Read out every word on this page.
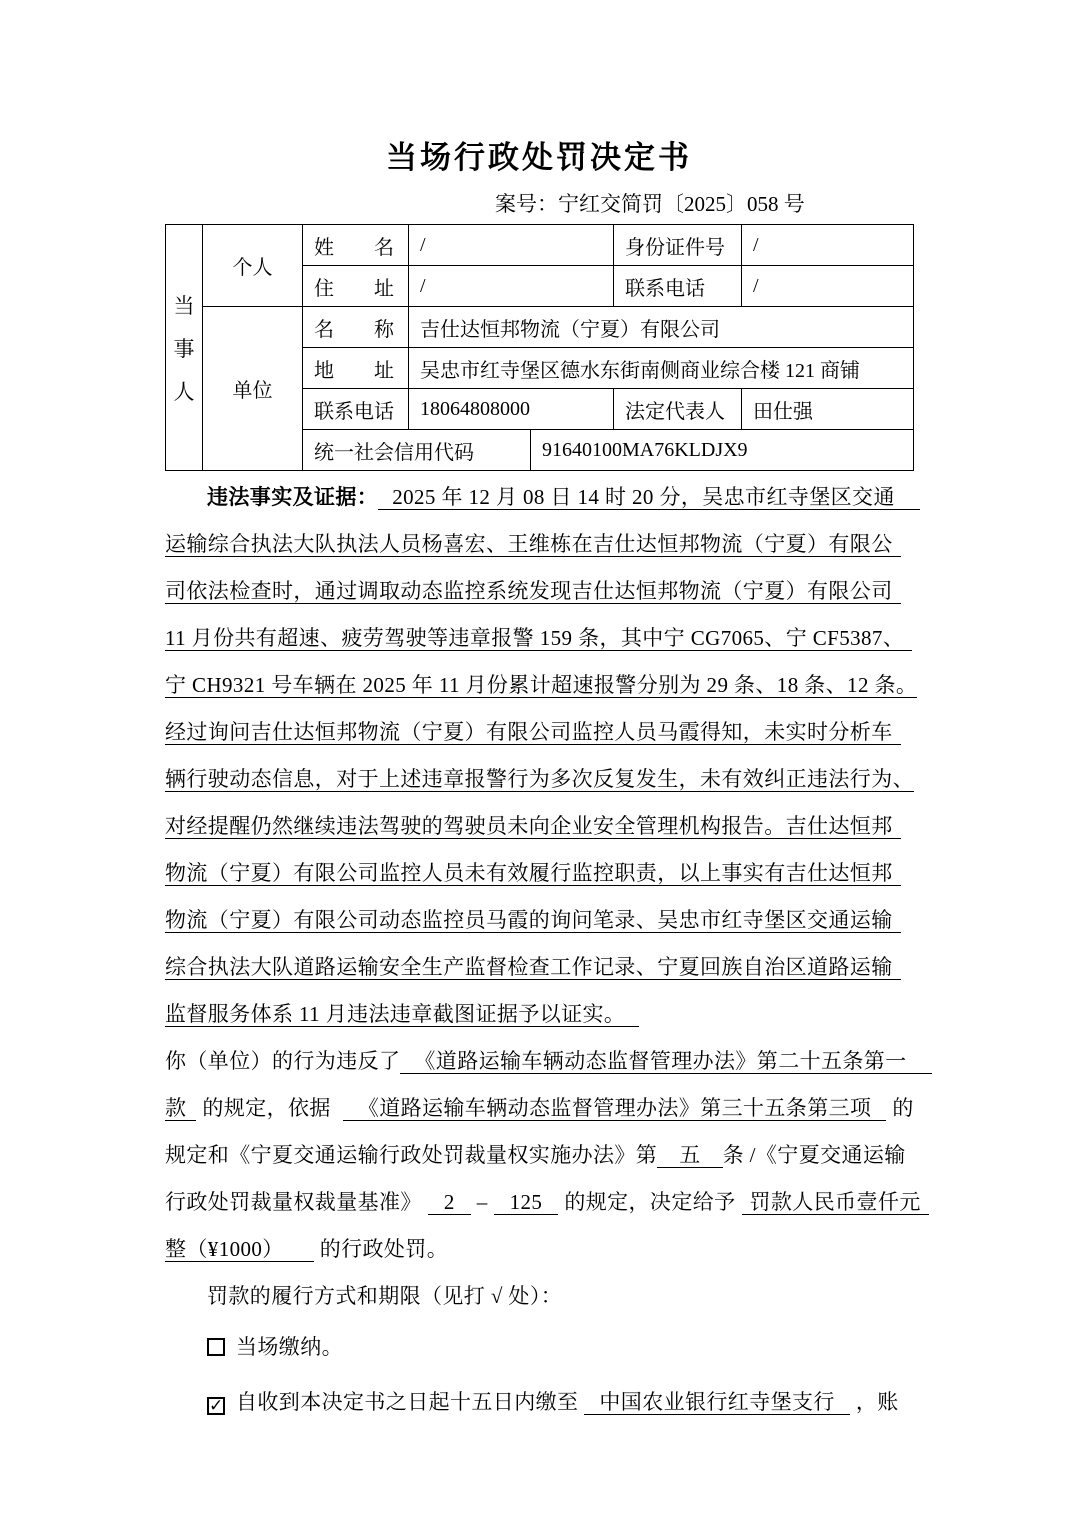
当场行政处罚决定书
案号：宁红交简罚〔2025〕058 号
当
事
人	个人	姓　　名	/		身份证件号	/
		住　　址	/		联系电话	/
	单位	名　　称	吉仕达恒邦物流（宁夏）有限公司			
		地　　址	吴忠市红寺堡区德水东街南侧商业综合楼 121 商铺			
		联系电话	18064808000		法定代表人	田仕强
		统一社会信用代码		91640100MA76KLDJX9		
违法事实及证据： 2025 年 12 月 08 日 14 时 20 分，吴忠市红寺堡区交通
运输综合执法大队执法人员杨喜宏、王维栋在吉仕达恒邦物流（宁夏）有限公
司依法检查时，通过调取动态监控系统发现吉仕达恒邦物流（宁夏）有限公司
11 月份共有超速、疲劳驾驶等违章报警 159 条，其中宁 CG7065、宁 CF5387、
宁 CH9321 号车辆在 2025 年 11 月份累计超速报警分别为 29 条、18 条、12 条。
经过询问吉仕达恒邦物流（宁夏）有限公司监控人员马霞得知，未实时分析车
辆行驶动态信息，对于上述违章报警行为多次反复发生，未有效纠正违法行为、
对经提醒仍然继续违法驾驶的驾驶员未向企业安全管理机构报告。吉仕达恒邦
物流（宁夏）有限公司监控人员未有效履行监控职责，以上事实有吉仕达恒邦
物流（宁夏）有限公司动态监控员马霞的询问笔录、吴忠市红寺堡区交通运输
综合执法大队道路运输安全生产监督检查工作记录、宁夏回族自治区道路运输
监督服务体系 11 月违法违章截图证据予以证实。
你（单位）的行为违反了 《道路运输车辆动态监督管理办法》第二十五条第一
款 的规定，依据 《道路运输车辆动态监督管理办法》第三十五条第三项 的
规定和《宁夏交通运输行政处罚裁量权实施办法》第 五 条 /《宁夏交通运输
行政处罚裁量权裁量基准》 2 – 125 的规定，决定给予 罚款人民币壹仟元
整（¥1000） 的行政处罚。
罚款的履行方式和期限（见打 √ 处）：
当场缴纳。
✓ 自收到本决定书之日起十五日内缴至 中国农业银行红寺堡支行 ，账
